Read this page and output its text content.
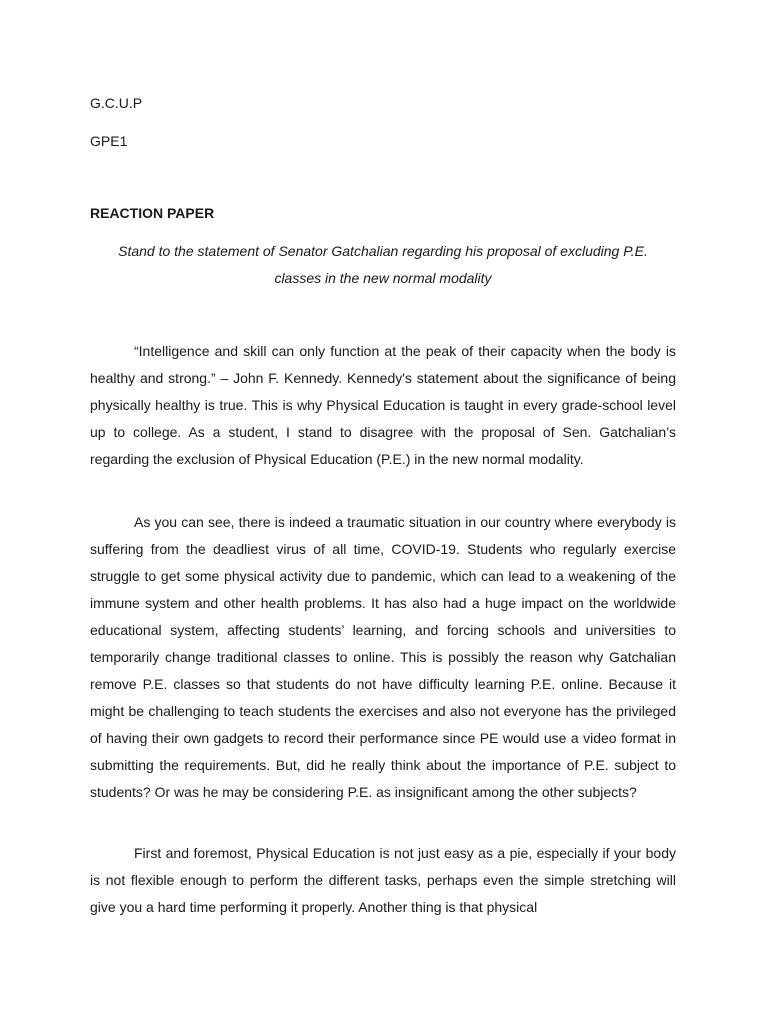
G.C.U.P
GPE1
REACTION PAPER
Stand to the statement of Senator Gatchalian regarding his proposal of excluding P.E.
classes in the new normal modality

“Intelligence and skill can only function at the peak of their capacity when the body is healthy and strong.” – John F. Kennedy. Kennedy's statement about the significance of being physically healthy is true. This is why Physical Education is taught in every grade-school level up to college. As a student, I stand to disagree with the proposal of Sen. Gatchalian’s regarding the exclusion of Physical Education (P.E.) in the new normal modality.

As you can see, there is indeed a traumatic situation in our country where everybody is suffering from the deadliest virus of all time, COVID-19. Students who regularly exercise struggle to get some physical activity due to pandemic, which can lead to a weakening of the immune system and other health problems. It has also had a huge impact on the worldwide educational system, affecting students’ learning, and forcing schools and universities to temporarily change traditional classes to online. This is possibly the reason why Gatchalian remove P.E. classes so that students do not have difficulty learning P.E. online. Because it might be challenging to teach students the exercises and also not everyone has the privileged of having their own gadgets to record their performance since PE would use a video format in submitting the requirements. But, did he really think about the importance of P.E. subject to students? Or was he may be considering P.E. as insignificant among the other subjects?

First and foremost, Physical Education is not just easy as a pie, especially if your body is not flexible enough to perform the different tasks, perhaps even the simple stretching will give you a hard time performing it properly. Another thing is that physical
